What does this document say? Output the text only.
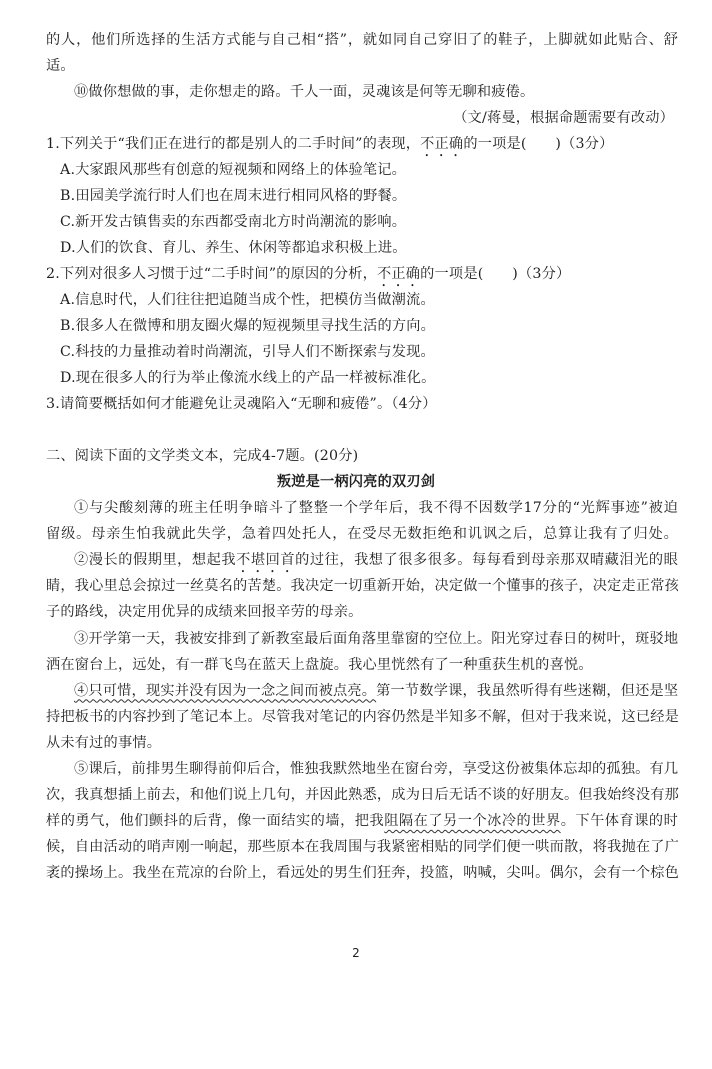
的人，他们所选择的生活方式能与自己相“搭”，就如同自己穿旧了的鞋子，上脚就如此贴合、舒
适。
⑩做你想做的事，走你想走的路。千人一面，灵魂该是何等无聊和疲倦。
（文/蒋曼，根据命题需要有改动）
1.下列关于“我们正在进行的都是别人的二手时间”的表现，不正确的一项是(　　)（3分）
A.大家跟风那些有创意的短视频和网络上的体验笔记。
B.田园美学流行时人们也在周末进行相同风格的野餐。
C.新开发古镇售卖的东西都受南北方时尚潮流的影响。
D.人们的饮食、育儿、养生、休闲等都追求积极上进。
2.下列对很多人习惯于过“二手时间”的原因的分析，不正确的一项是(　　)（3分）
A.信息时代，人们往往把追随当成个性，把模仿当做潮流。
B.很多人在微博和朋友圈火爆的短视频里寻找生活的方向。
C.科技的力量推动着时尚潮流，引导人们不断探索与发现。
D.现在很多人的行为举止像流水线上的产品一样被标准化。
3.请简要概括如何才能避免让灵魂陷入“无聊和疲倦”。（4分）
二、阅读下面的文学类文本，完成4-7题。(20分)
叛逆是一柄闪亮的双刃剑
①与尖酸刻薄的班主任明争暗斗了整整一个学年后，我不得不因数学17分的“光辉事迹”被迫
留级。母亲生怕我就此失学，急着四处托人，在受尽无数拒绝和讥讽之后，总算让我有了归处。
②漫长的假期里，想起我不堪回首的过往，我想了很多很多。每每看到母亲那双晴藏泪光的眼
睛，我心里总会掠过一丝莫名的苦楚。我决定一切重新开始，决定做一个懂事的孩子，决定走正常孩
子的路线，决定用优异的成绩来回报辛劳的母亲。
③开学第一天，我被安排到了新教室最后面角落里靠窗的空位上。阳光穿过春日的树叶，斑驳地
洒在窗台上，远处，有一群飞鸟在蓝天上盘旋。我心里恍然有了一种重获生机的喜悦。
④只可惜，现实并没有因为一念之间而被点亮。第一节数学课，我虽然听得有些迷糊，但还是坚
持把板书的内容抄到了笔记本上。尽管我对笔记的内容仍然是半知多不解，但对于我来说，这已经是
从未有过的事情。
⑤课后，前排男生聊得前仰后合，惟独我默然地坐在窗台旁，享受这份被集体忘却的孤独。有几
次，我真想插上前去，和他们说上几句，并因此熟悉，成为日后无话不谈的好朋友。但我始终没有那
样的勇气，他们颤抖的后背，像一面结实的墙，把我阻隔在了另一个冰冷的世界。下午体育课的时
候，自由活动的哨声刚一响起，那些原本在我周围与我紧密相贴的同学们便一哄而散，将我抛在了广
袤的操场上。我坐在荒凉的台阶上，看远处的男生们狂奔，投篮，呐喊，尖叫。偶尔，会有一个棕色
2
